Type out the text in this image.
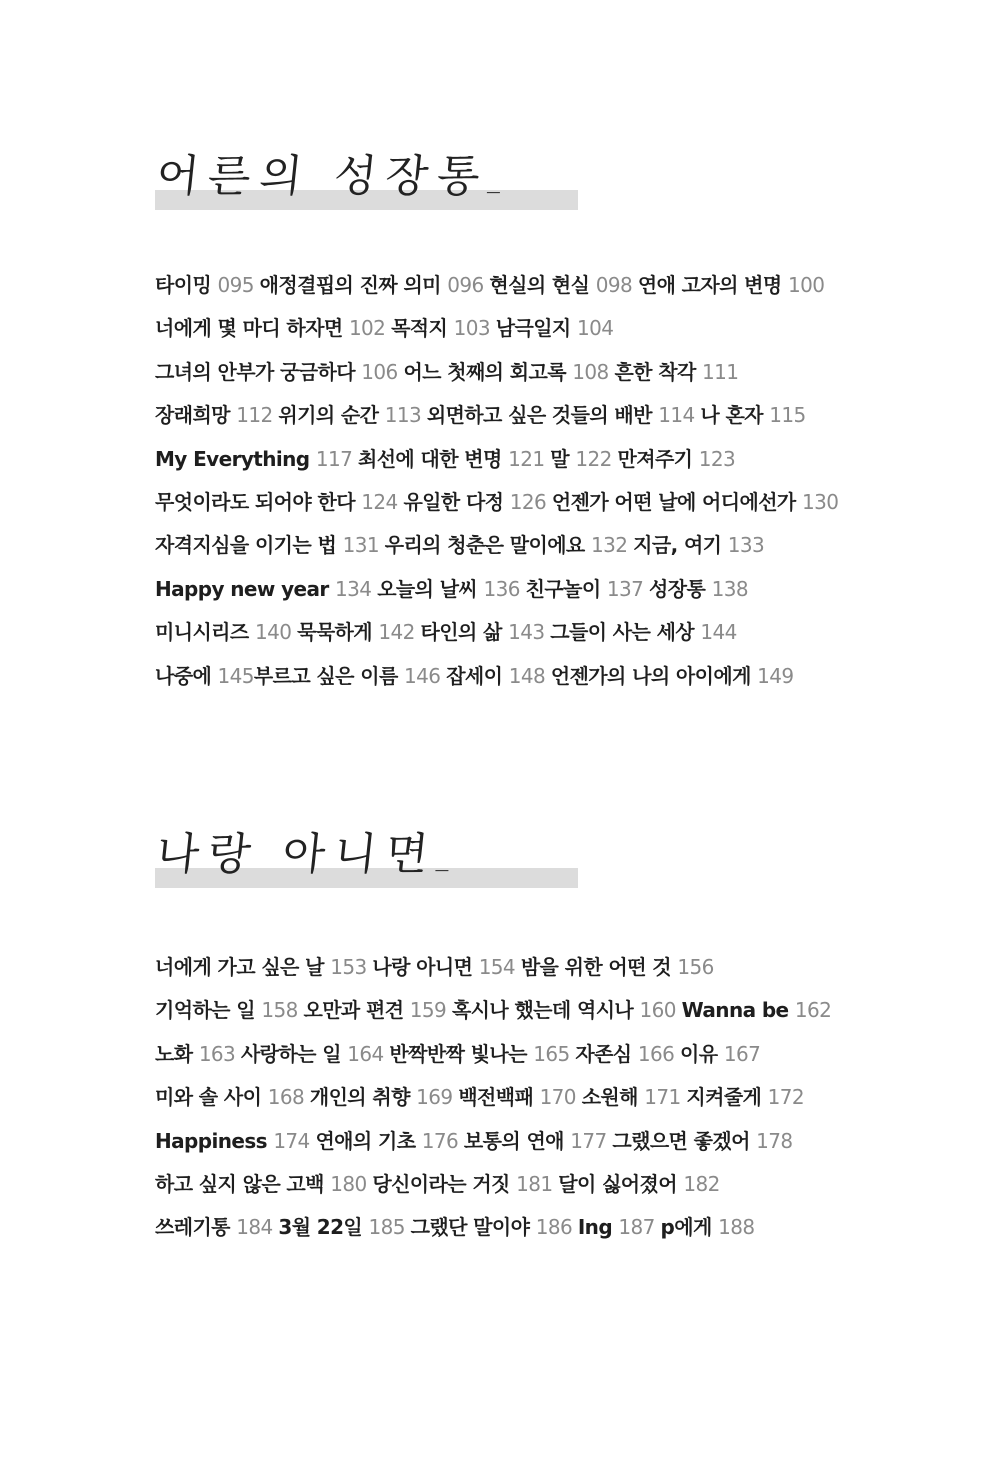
어른의 성장통_
타이밍 095 애정결핍의 진짜 의미 096 현실의 현실 098 연애 고자의 변명 100
너에게 몇 마디 하자면 102 목적지 103 남극일지 104
그녀의 안부가 궁금하다 106 어느 첫째의 회고록 108 흔한 착각 111
장래희망 112 위기의 순간 113 외면하고 싶은 것들의 배반 114 나 혼자 115
My Everything 117 최선에 대한 변명 121 말 122 만져주기 123
무엇이라도 되어야 한다 124 유일한 다정 126 언젠가 어떤 날에 어디에선가 130
자격지심을 이기는 법 131 우리의 청춘은 말이에요 132 지금, 여기 133
Happy new year 134 오늘의 날씨 136 친구놀이 137 성장통 138
미니시리즈 140 묵묵하게 142 타인의 삶 143 그들이 사는 세상 144
나중에 145부르고 싶은 이름 146 잡세이 148 언젠가의 나의 아이에게 149
나랑 아니면_
너에게 가고 싶은 날 153 나랑 아니면 154 밤을 위한 어떤 것 156
기억하는 일 158 오만과 편견 159 혹시나 했는데 역시나 160 Wanna be 162
노화 163 사랑하는 일 164 반짝반짝 빛나는 165 자존심 166 이유 167
미와 솔 사이 168 개인의 취향 169 백전백패 170 소원해 171 지켜줄게 172
Happiness 174 연애의 기초 176 보통의 연애 177 그랬으면 좋겠어 178
하고 싶지 않은 고백 180 당신이라는 거짓 181 달이 싫어졌어 182
쓰레기통 184 3월 22일 185 그랬단 말이야 186 Ing 187 p에게 188
